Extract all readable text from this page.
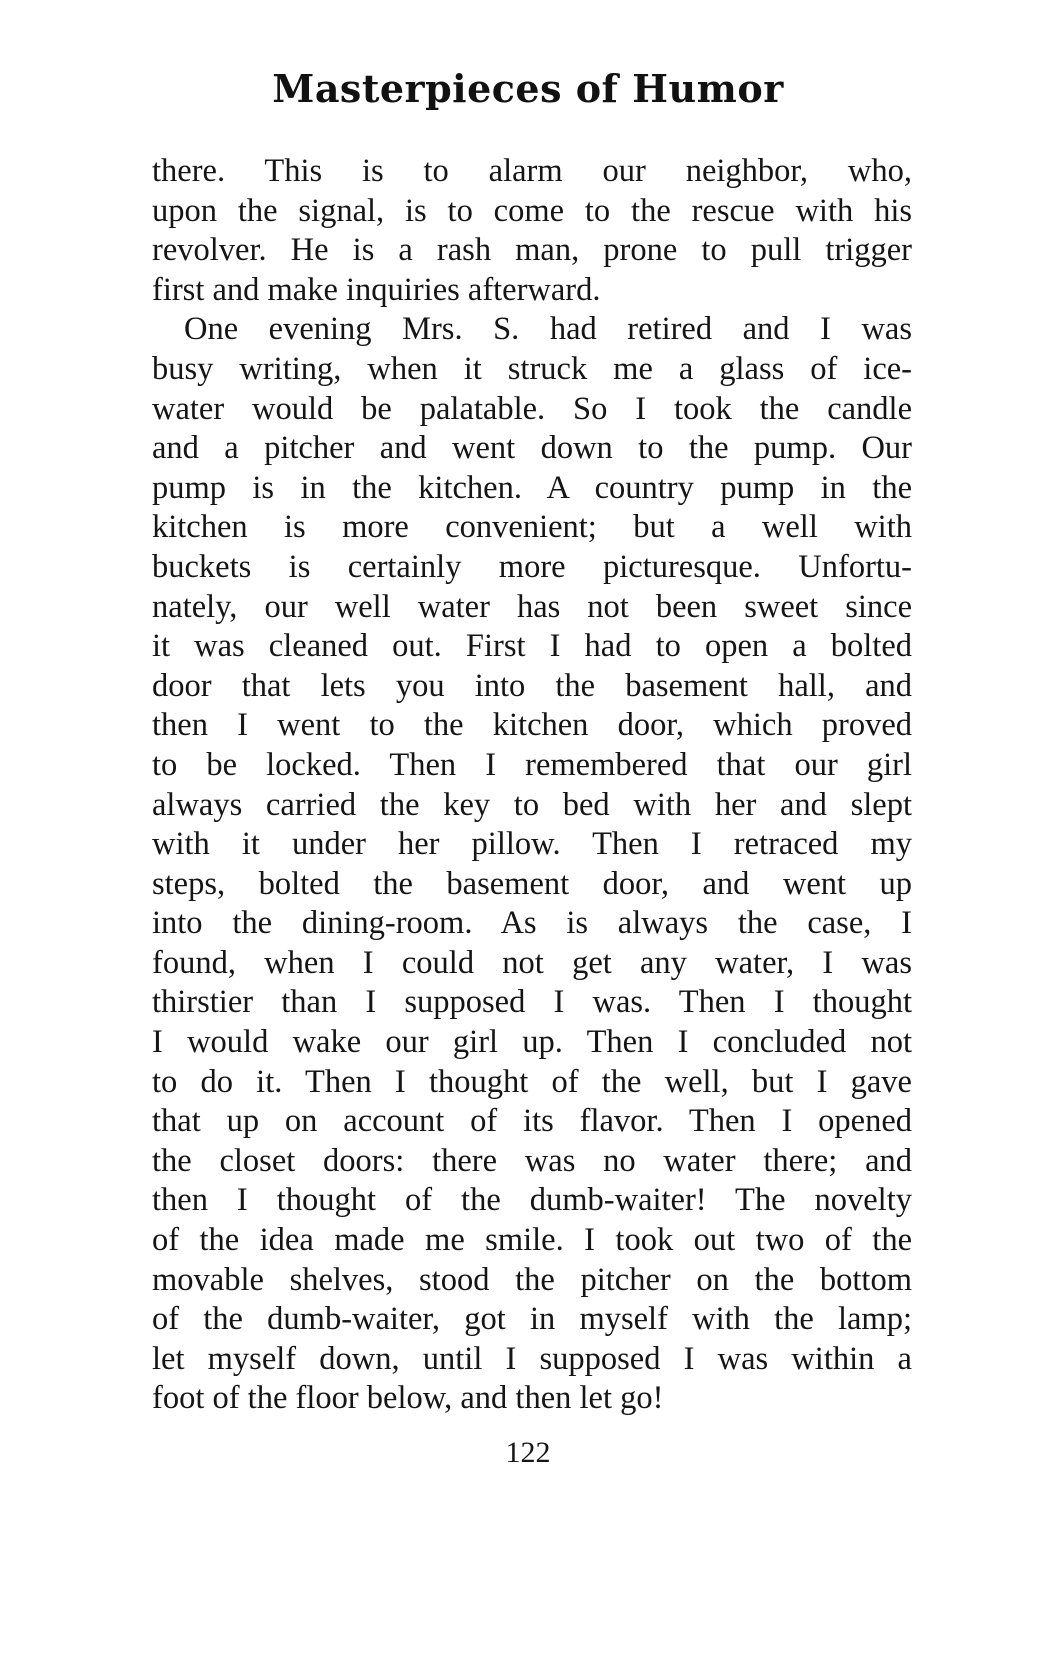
Masterpieces of Humor
there. This is to alarm our neighbor, who,
upon the signal, is to come to the rescue with his
revolver. He is a rash man, prone to pull trigger
first and make inquiries afterward.
One evening Mrs. S. had retired and I was
busy writing, when it struck me a glass of ice-
water would be palatable. So I took the candle
and a pitcher and went down to the pump. Our
pump is in the kitchen. A country pump in the
kitchen is more convenient; but a well with
buckets is certainly more picturesque. Unfortu-
nately, our well water has not been sweet since
it was cleaned out. First I had to open a bolted
door that lets you into the basement hall, and
then I went to the kitchen door, which proved
to be locked. Then I remembered that our girl
always carried the key to bed with her and slept
with it under her pillow. Then I retraced my
steps, bolted the basement door, and went up
into the dining-room. As is always the case, I
found, when I could not get any water, I was
thirstier than I supposed I was. Then I thought
I would wake our girl up. Then I concluded not
to do it. Then I thought of the well, but I gave
that up on account of its flavor. Then I opened
the closet doors: there was no water there; and
then I thought of the dumb-waiter! The novelty
of the idea made me smile. I took out two of the
movable shelves, stood the pitcher on the bottom
of the dumb-waiter, got in myself with the lamp;
let myself down, until I supposed I was within a
foot of the floor below, and then let go!
122
